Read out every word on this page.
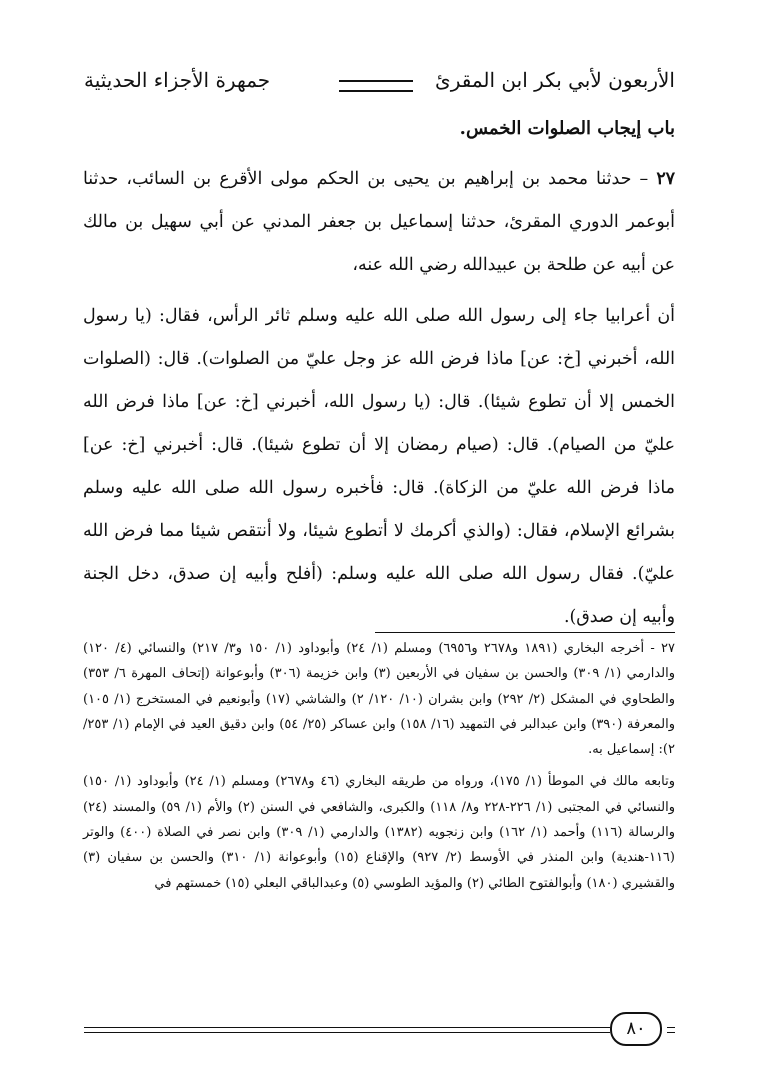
الأربعون لأبي بكر ابن المقرئ
جمهرة الأجزاء الحديثية
باب إيجاب الصلوات الخمس.

٢٧ – حدثنا محمد بن إبراهيم بن يحيى بن الحكم مولى الأقرع بن السائب، حدثنا أبوعمر الدوري المقرئ، حدثنا إسماعيل بن جعفر المدني عن أبي سهيل بن مالك عن أبيه عن طلحة بن عبيدالله رضي الله عنه،

أن أعرابيا جاء إلى رسول الله صلى الله عليه وسلم ثائر الرأس، فقال: (يا رسول الله، أخبرني [خ: عن] ماذا فرض الله عز وجل عليّ من الصلوات). قال: (الصلوات الخمس إلا أن تطوع شيئا). قال: (يا رسول الله، أخبرني [خ: عن] ماذا فرض الله عليّ من الصيام). قال: (صيام رمضان إلا أن تطوع شيئا). قال: أخبرني [خ: عن] ماذا فرض الله عليّ من الزكاة). قال: فأخبره رسول الله صلى الله عليه وسلم بشرائع الإسلام، فقال: (والذي أكرمك لا أتطوع شيئا، ولا أنتقص شيئا مما فرض الله عليّ). فقال رسول الله صلى الله عليه وسلم: (أفلح وأبيه إن صدق، دخل الجنة وأبيه إن صدق).

٢٧ - أخرجه البخاري (١٨٩١ و٢٦٧٨ و٦٩٥٦) ومسلم (١/ ٢٤) وأبوداود (١/ ١٥٠ و٣/ ٢١٧) والنسائي (٤/ ١٢٠) والدارمي (١/ ٣٠٩) والحسن بن سفيان في الأربعين (٣) وابن خزيمة (٣٠٦) وأبوعوانة (إتحاف المهرة ٦/ ٣٥٣) والطحاوي في المشكل (٢/ ٢٩٢) وابن بشران (١٠/ ١٢٠/ ٢) والشاشي (١٧) وأبونعيم في المستخرج (١/ ١٠٥) والمعرفة (٣٩٠) وابن عبدالبر في التمهيد (١٦/ ١٥٨) وابن عساكر (٢٥/ ٥٤) وابن دقيق العيد في الإمام (١/ ٢٥٣/ ٢): إسماعيل به.

وتابعه مالك في الموطأ (١/ ١٧٥)، ورواه من طريقه البخاري (٤٦ و٢٦٧٨) ومسلم (١/ ٢٤) وأبوداود (١/ ١٥٠) والنسائي في المجتبى (١/ ٢٢٦-٢٢٨ و٨/ ١١٨) والكبرى، والشافعي في السنن (٢) والأم (١/ ٥٩) والمسند (٢٤) والرسالة (١١٦) وأحمد (١/ ١٦٢) وابن زنجويه (١٣٨٢) والدارمي (١/ ٣٠٩) وابن نصر في الصلاة (٤٠٠) والوتر (١١٦-هندية) وابن المنذر في الأوسط (٢/ ٩٢٧) والإقناع (١٥) وأبوعوانة (١/ ٣١٠) والحسن بن سفيان (٣) والقشيري (١٨٠) وأبوالفتوح الطائي (٢) والمؤيد الطوسي (٥) وعبدالباقي البعلي (١٥) خمستهم في

٨٠
